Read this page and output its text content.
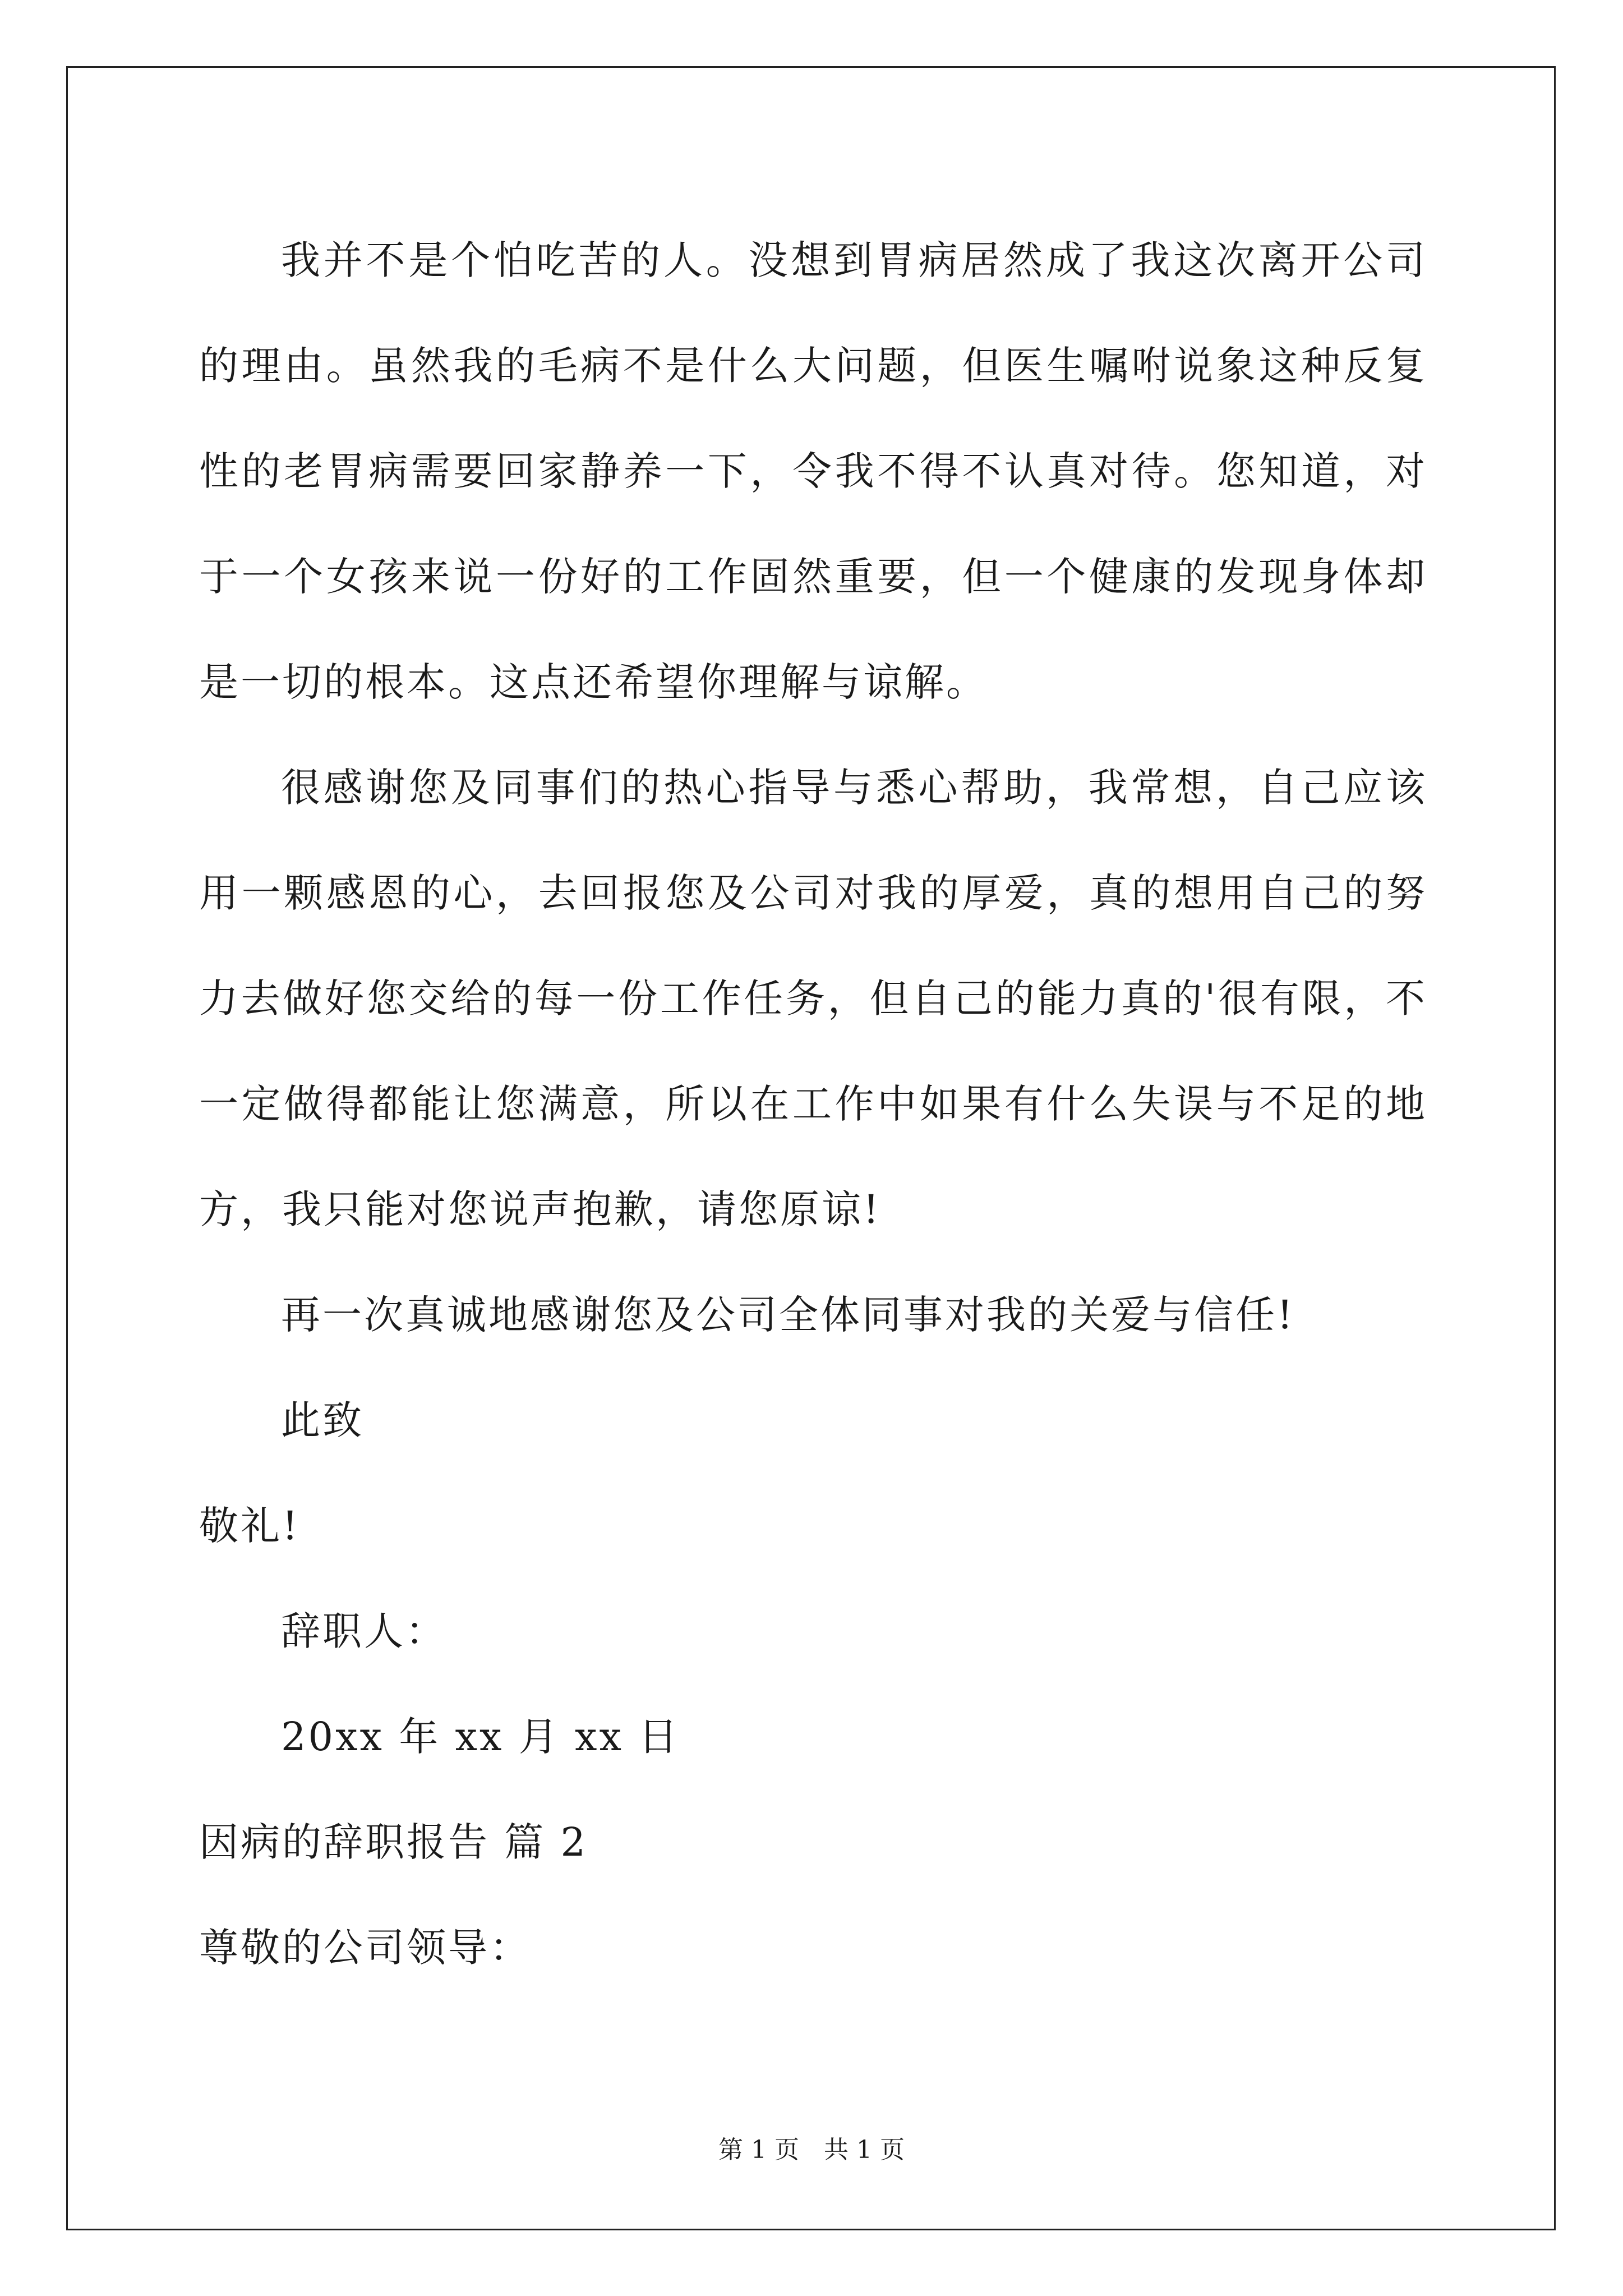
我并不是个怕吃苦的人。没想到胃病居然成了我这次离开公司的理由。虽然我的毛病不是什么大问题，但医生嘱咐说象这种反复性的老胃病需要回家静养一下，令我不得不认真对待。您知道，对于一个女孩来说一份好的工作固然重要，但一个健康的发现身体却是一切的根本。这点还希望你理解与谅解。

很感谢您及同事们的热心指导与悉心帮助，我常想，自己应该用一颗感恩的心，去回报您及公司对我的厚爱，真的想用自己的努力去做好您交给的每一份工作任务，但自己的能力真的'很有限，不一定做得都能让您满意，所以在工作中如果有什么失误与不足的地方，我只能对您说声抱歉，请您原谅!

再一次真诚地感谢您及公司全体同事对我的关爱与信任!

此致

敬礼!

辞职人：

20xx 年 xx 月 xx 日

因病的辞职报告 篇 2

尊敬的公司领导：

第 1 页　共 1 页
